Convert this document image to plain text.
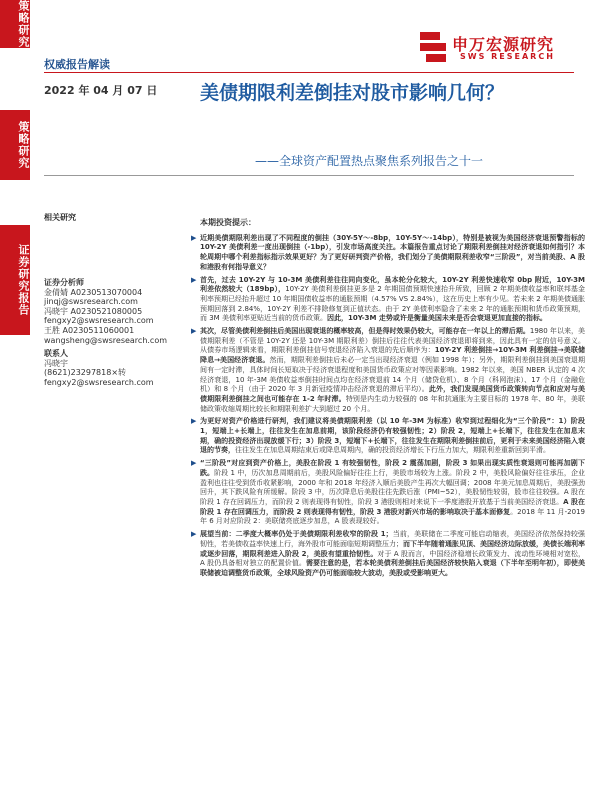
策略研究
策略研究
证券研究报告
权威报告解读
申万宏源研究
SWS RESEARCH
2022 年 04 月 07 日 美债期限利差倒挂对股市影响几何？
——全球资产配置热点聚焦系列报告之十一
相关研究
证券分析师
金倩婧 A0230513070004
jinqj@swsresearch.com
冯晓宇 A0230521080005
fengxy2@swsresearch.com
王胜 A0230511060001
wangsheng@swsresearch.com
联系人
冯晓宇
(8621)23297818×转
fengxy2@swsresearch.com
本期投资提示：
▶ 近期美债期限利差出现了不同程度的倒挂（30Y-5Y～-8bp，10Y-5Y～-14bp），特别是被视为美国经济衰退预警指标的 10Y-2Y 美债利差一度出现倒挂（-1bp），引发市场高度关注。本篇报告重点讨论了期限利差倒挂对经济衰退如何指引？本轮周期中哪个利差指标指示效果更好？为了更好研判资产价格，我们划分了美债期限利差收窄“三阶段”，对当前美股、A 股和港股有何指导意义？
▶ 首先，过去 10Y-2Y 与 10-3M 美债利差往往同向变化，虽本轮分化较大，10Y-2Y 利差快速收窄 0bp 附近，10Y-3M 利差依然较大（189bp），10Y-2Y 美债利差倒挂更多是 2 年期国债预期快速抬升所致，回顾 2 年期美债收益率和联邦基金利率预期已经抬升超过 10 年期国债收益率的通胀预期（4.57% VS 2.84%），这在历史上率有少见。若未来 2 年期美债通胀预期回落到 2.84%，10Y-2Y 利差不排除修复到正值状态。由于 2Y 美债利率隐含了未来 2 年的通胀预期和货币政策预期，而 3M 美债利率更贴近当前的货币政策。因此，10Y-3M 走势或许是衡量美国未来是否会衰退更加直接的指标。
▶ 其次，尽管美债利差倒挂后美国出现衰退的概率较高，但是得时效果仍较大，可能存在一年以上的滞后期。1980 年以来，美债期限利差（不管是 10Y-2Y 还是 10Y-3M 期限利差）倒挂后往往代表美国经济衰退即将到来，因此具有一定的信号意义。从债券市场逻辑来看，期限利差倒挂信号衰退经济陷入衰退的先后顺序为：10Y-2Y 利差倒挂→10Y-3M 利差倒挂→美联储降息→美国经济衰退。然而，期限利差倒挂后未必一定当出现经济衰退（例如 1998 年）；另外，期限利差倒挂到美国衰退期间有一定时滞，具体时间长短取决于经济衰退程度和美国货币政策应对等因素影响。1982 年以来，美国 NBER 认定的 4 次经济衰退，10 年-3M 美债收益率倒挂时间点均在经济衰退前 14 个月（储贷危机）、8 个月（科网泡沫）、17 个月（金融危机）和 8 个月（由于 2020 年 3 月新冠疫情冲击经济衰退的滞后平均）。此外，我们发现美国货币政策转向节点和应对与美债期限利差倒挂之间也可能存在 1-2 年时滞。特别是内生动力较强的 08 年和抗通胀为主要目标的 1978 年、80 年，美联储政策收缩周期比较长和期限利差扩大到超过 20 个月。
▶ 为更好对资产价格进行研判，我们建议将美债期限利差（以 10 年-3M 为标准）收窄到过程细化为“三个阶段”：1）阶段 1，短端上+长端上，往往发生在加息前期，该阶段经济仍有较强韧性；2）阶段 2，短端上+长端下，往往发生在加息末期，确的投资经济出现放缓下行；3）阶段 3，短端下+长端下，往往发生在期限利差倒挂前后，更利于未来美国经济陷入衰退的节奏，往往发生在加息周期结束后或降息周期内，确的投资经济增长下行压力加大，期限利差重新回到平滑。
▶ “三阶段”对应到资产价格上，美股在阶段 1 有较强韧性，阶段 2 震荡加剧，阶段 3 如果出现实质性衰退则可能再加剧下跌。阶段 1 中，历次加息周期前后，美股风险偏好往往上行，美股市场较为上涨。阶段 2 中，美股风险偏好往往承压，企业盈利也往往受到货币收紧影响，2000 年和 2018 年经济入顺后美股产生再次大幅回调；2008 年美元加息周期后，美股强劲回升，其下跌风险有所缓解。阶段 3 中，历次降息后美股往往先跌后涨（PMI~52），美股韧性较弱，股市往往较强。A 股在阶段 1 存在回调压力，而阶段 2 则表现得有韧性，阶段 3 港股则相对来说下一季度港股开放基于当前美国经济衰退。A 股在阶段 1 存在回调压力，而阶段 2 则表现得有韧性，阶段 3 港股对新兴市场的影响取决于基本面修复。2018 年 11 月-2019 年 6 月对应阶段 2：美联储亮底逐步加息，A 股表现较好。
▶ 展望当前：二季度大概率仍处于美债期限利差收窄的阶段 1；当前，美联储在二季度可能启动缩表，美国经济依然保持较强韧性，若美债收益率快速上行，海外股市可能面临短期调整压力；而下半年随着通胀见顶、美国经济边际放缓，美债长端利率或逐步回落，期限利差进入阶段 2，美股有望重拾韧性。对于 A 股而言，中国经济稳增长政策发力、流动性环境相对宽松，A 股仍具备相对独立的配置价值。需要注意的是，若本轮美债利差倒挂后美国经济较快陷入衰退（下半年至明年初），即使美联储被迫调整货币政策，全球风险资产仍可能面临较大波动，美股或受影响更大。
